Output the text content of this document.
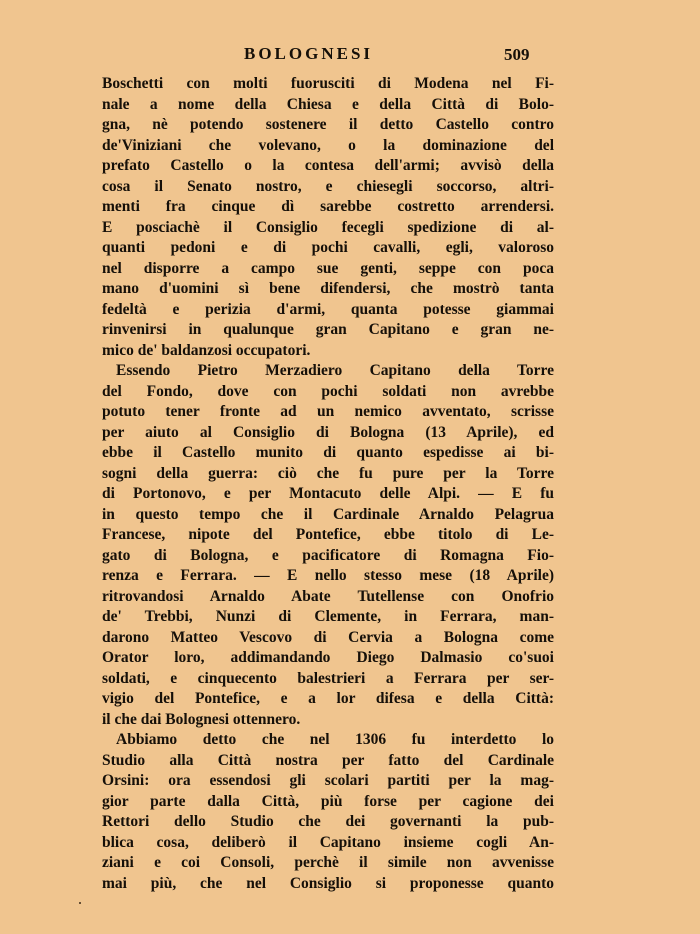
BOLOGNESI	509
Boschetti con molti fuorusciti di Modena nel Fi-
nale a nome della Chiesa e della Città di Bolo-
gna, nè potendo sostenere il detto Castello contro
de'Viniziani che volevano, o la dominazione del
prefato Castello o la contesa dell'armi; avvisò della
cosa il Senato nostro, e chiesegli soccorso, altri-
menti fra cinque dì sarebbe costretto arrendersi.
E posciachè il Consiglio fecegli spedizione di al-
quanti pedoni e di pochi cavalli, egli, valoroso
nel disporre a campo sue genti, seppe con poca
mano d'uomini sì bene difendersi, che mostrò tanta
fedeltà e perizia d'armi, quanta potesse giammai
rinvenirsi in qualunque gran Capitano e gran ne-
mico de' baldanzosi occupatori.
Essendo Pietro Merzadiero Capitano della Torre
del Fondo, dove con pochi soldati non avrebbe
potuto tener fronte ad un nemico avventato, scrisse
per aiuto al Consiglio di Bologna (13 Aprile), ed
ebbe il Castello munito di quanto espedisse ai bi-
sogni della guerra: ciò che fu pure per la Torre
di Portonovo, e per Montacuto delle Alpi. — E fu
in questo tempo che il Cardinale Arnaldo Pelagrua
Francese, nipote del Pontefice, ebbe titolo di Le-
gato di Bologna, e pacificatore di Romagna Fio-
renza e Ferrara. — E nello stesso mese (18 Aprile)
ritrovandosi Arnaldo Abate Tutellense con Onofrio
de' Trebbi, Nunzi di Clemente, in Ferrara, man-
darono Matteo Vescovo di Cervia a Bologna come
Orator loro, addimandando Diego Dalmasio co'suoi
soldati, e cinquecento balestrieri a Ferrara per ser-
vigio del Pontefice, e a lor difesa e della Città:
il che dai Bolognesi ottennero.
Abbiamo detto che nel 1306 fu interdetto lo
Studio alla Città nostra per fatto del Cardinale
Orsini: ora essendosi gli scolari partiti per la mag-
gior parte dalla Città, più forse per cagione dei
Rettori dello Studio che dei governanti la pub-
blica cosa, deliberò il Capitano insieme cogli An-
ziani e coi Consoli, perchè il simile non avvenisse
mai più, che nel Consiglio si proponesse quanto
